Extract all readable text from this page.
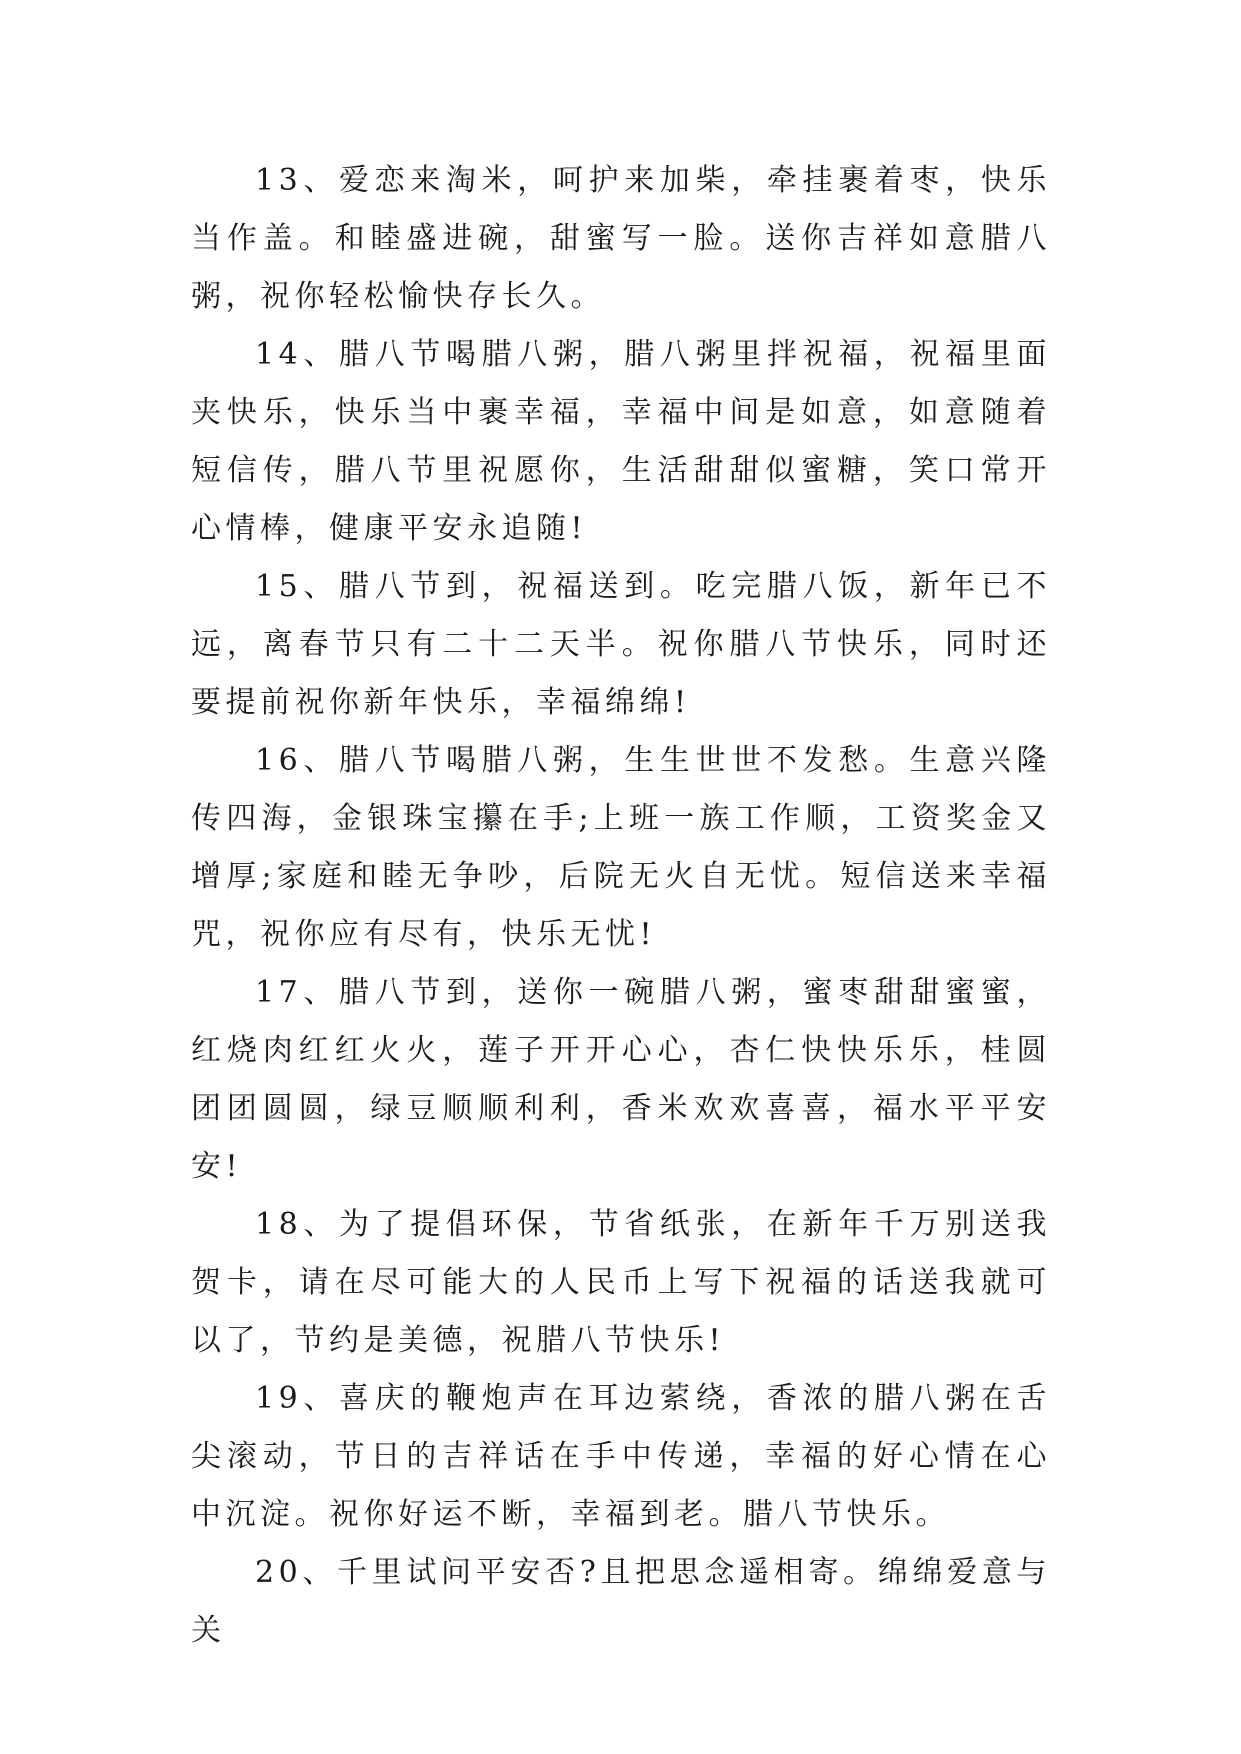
13、爱恋来淘米，呵护来加柴，牵挂裹着枣，快乐当作盖。和睦盛进碗，甜蜜写一脸。送你吉祥如意腊八粥，祝你轻松愉快存长久。

14、腊八节喝腊八粥，腊八粥里拌祝福，祝福里面夹快乐，快乐当中裹幸福，幸福中间是如意，如意随着短信传，腊八节里祝愿你，生活甜甜似蜜糖，笑口常开心情棒，健康平安永追随!

15、腊八节到，祝福送到。吃完腊八饭，新年已不远，离春节只有二十二天半。祝你腊八节快乐，同时还要提前祝你新年快乐，幸福绵绵!

16、腊八节喝腊八粥，生生世世不发愁。生意兴隆传四海，金银珠宝攥在手;上班一族工作顺，工资奖金又增厚;家庭和睦无争吵，后院无火自无忧。短信送来幸福咒，祝你应有尽有，快乐无忧!

17、腊八节到，送你一碗腊八粥，蜜枣甜甜蜜蜜，红烧肉红红火火，莲子开开心心，杏仁快快乐乐，桂圆团团圆圆，绿豆顺顺利利，香米欢欢喜喜，福水平平安安!

18、为了提倡环保，节省纸张，在新年千万别送我贺卡，请在尽可能大的人民币上写下祝福的话送我就可以了，节约是美德，祝腊八节快乐!

19、喜庆的鞭炮声在耳边萦绕，香浓的腊八粥在舌尖滚动，节日的吉祥话在手中传递，幸福的好心情在心中沉淀。祝你好运不断，幸福到老。腊八节快乐。

20、千里试问平安否?且把思念遥相寄。绵绵爱意与关
